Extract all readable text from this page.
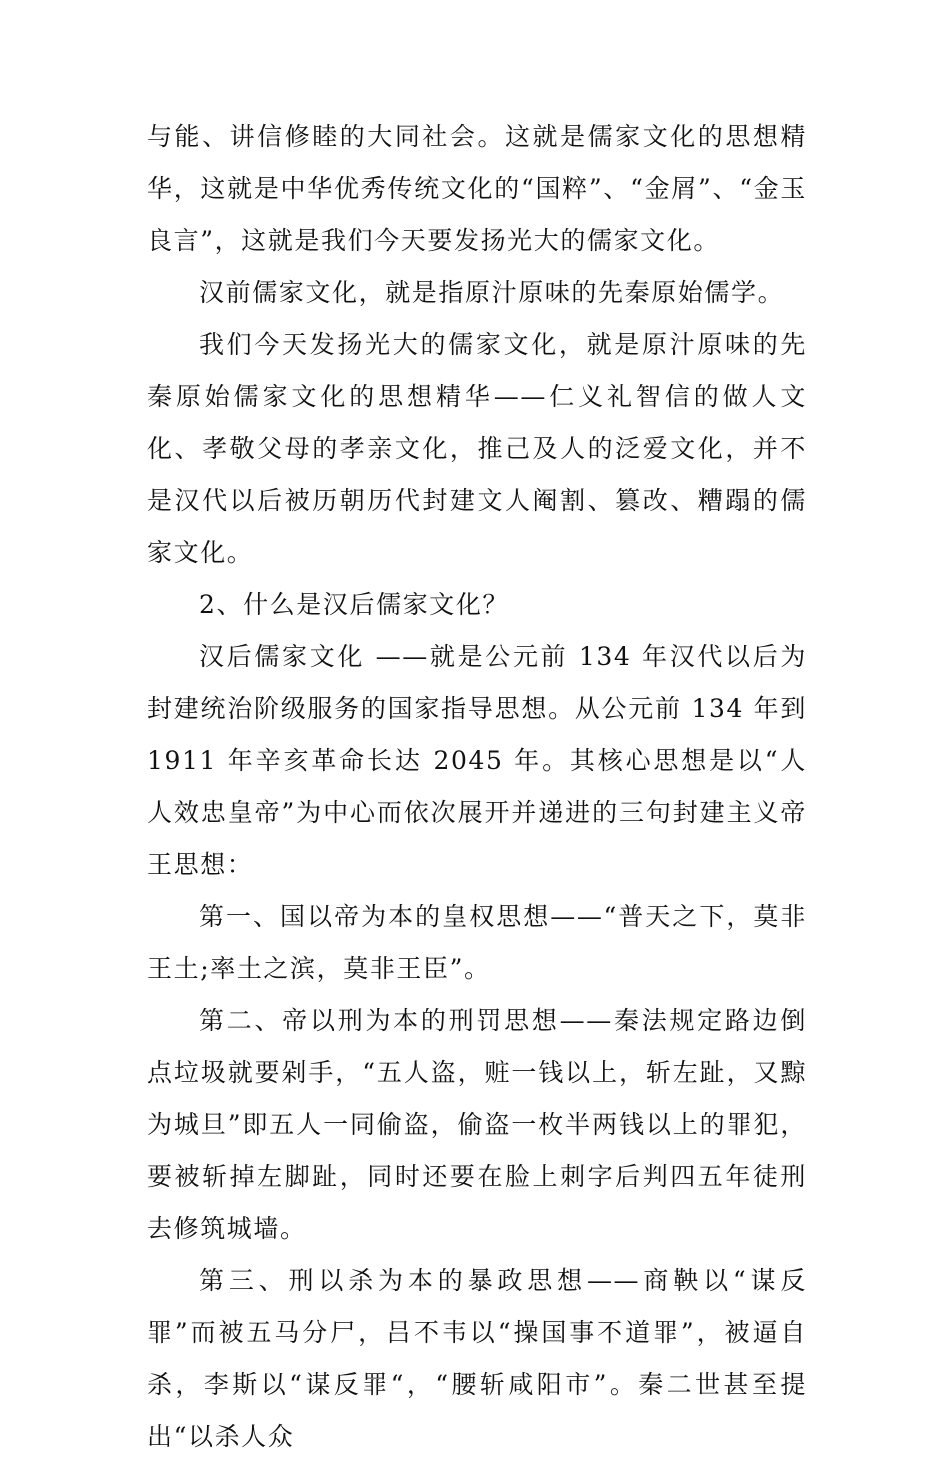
与能、讲信修睦的大同社会。这就是儒家文化的思想精华，这就是中华优秀传统文化的“国粹”、“金屑”、“金玉良言”，这就是我们今天要发扬光大的儒家文化。

汉前儒家文化，就是指原汁原味的先秦原始儒学。

我们今天发扬光大的儒家文化，就是原汁原味的先秦原始儒家文化的思想精华——仁义礼智信的做人文化、孝敬父母的孝亲文化，推己及人的泛爱文化，并不是汉代以后被历朝历代封建文人阉割、篡改、糟蹋的儒家文化。

2、什么是汉后儒家文化？

汉后儒家文化 ——就是公元前 134 年汉代以后为封建统治阶级服务的国家指导思想。从公元前 134 年到 1911 年辛亥革命长达 2045 年。其核心思想是以“人人效忠皇帝”为中心而依次展开并递进的三句封建主义帝王思想：

第一、国以帝为本的皇权思想——“普天之下，莫非王土;率土之滨，莫非王臣”。

第二、帝以刑为本的刑罚思想——秦法规定路边倒点垃圾就要剁手，“五人盗，赃一钱以上，斩左趾，又黥为城旦”即五人一同偷盗，偷盗一枚半两钱以上的罪犯，要被斩掉左脚趾，同时还要在脸上刺字后判四五年徒刑去修筑城墙。

第三、刑以杀为本的暴政思想——商鞅以“谋反罪”而被五马分尸，吕不韦以“操国事不道罪”，被逼自杀，李斯以“谋反罪“，“腰斩咸阳市”。秦二世甚至提出“以杀人众
